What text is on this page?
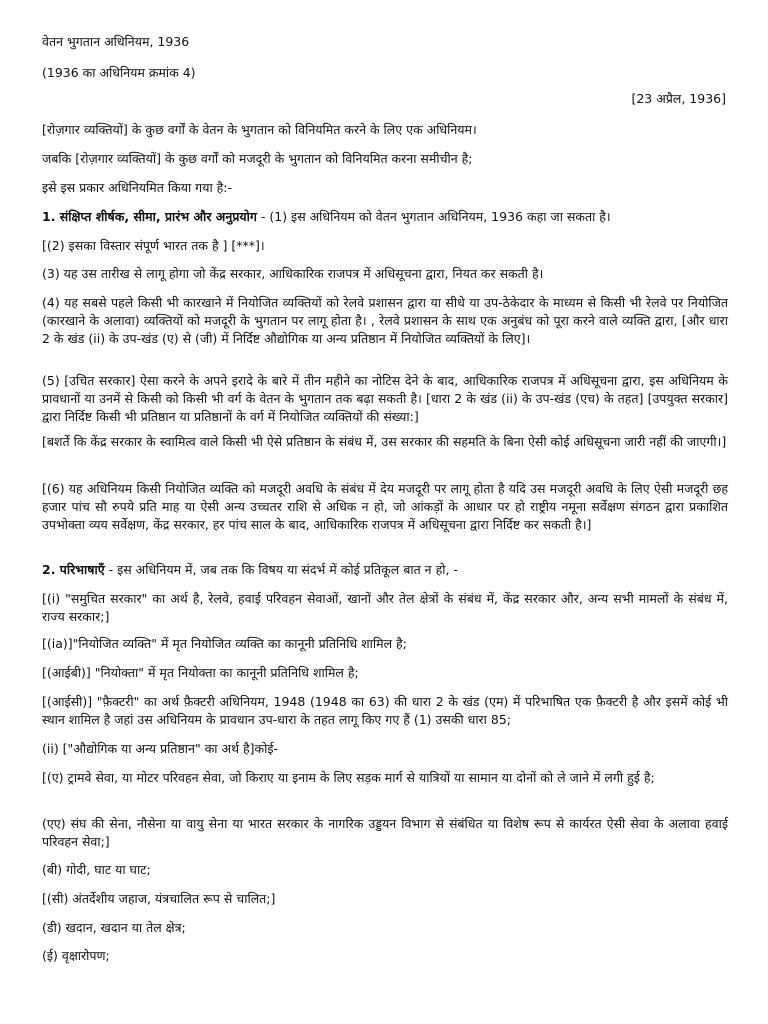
वेतन भुगतान अधिनियम, 1936
(1936 का अधिनियम क्रमांक 4)
[23 अप्रैल, 1936]
[रोज़गार व्यक्तियों] के कुछ वर्गों के वेतन के भुगतान को विनियमित करने के लिए एक अधिनियम।
जबकि [रोज़गार व्यक्तियों] के कुछ वर्गों को मजदूरी के भुगतान को विनियमित करना समीचीन है;
इसे इस प्रकार अधिनियमित किया गया है:-
1. संक्षिप्त शीर्षक, सीमा, प्रारंभ और अनुप्रयोग - (1) इस अधिनियम को वेतन भुगतान अधिनियम, 1936 कहा जा सकता है।
[(2) इसका विस्तार संपूर्ण भारत तक है ] [***]।
(3) यह उस तारीख से लागू होगा जो केंद्र सरकार, आधिकारिक राजपत्र में अधिसूचना द्वारा, नियत कर सकती है।
(4) यह सबसे पहले किसी भी कारखाने में नियोजित व्यक्तियों को रेलवे प्रशासन द्वारा या सीधे या उप-ठेकेदार के माध्यम से किसी भी रेलवे पर नियोजित (कारखाने के अलावा) व्यक्तियों को मजदूरी के भुगतान पर लागू होता है। , रेलवे प्रशासन के साथ एक अनुबंध को पूरा करने वाले व्यक्ति द्वारा, [और धारा 2 के खंड (ii) के उप-खंड (ए) से (जी) में निर्दिष्ट औद्योगिक या अन्य प्रतिष्ठान में नियोजित व्यक्तियों के लिए]।
(5) [उचित सरकार] ऐसा करने के अपने इरादे के बारे में तीन महीने का नोटिस देने के बाद, आधिकारिक राजपत्र में अधिसूचना द्वारा, इस अधिनियम के प्रावधानों या उनमें से किसी को किसी भी वर्ग के वेतन के भुगतान तक बढ़ा सकती है। [धारा 2 के खंड (ii) के उप-खंड (एच) के तहत] [उपयुक्त सरकार] द्वारा निर्दिष्ट किसी भी प्रतिष्ठान या प्रतिष्ठानों के वर्ग में नियोजित व्यक्तियों की संख्या:]
[बशर्ते कि केंद्र सरकार के स्वामित्व वाले किसी भी ऐसे प्रतिष्ठान के संबंध में, उस सरकार की सहमति के बिना ऐसी कोई अधिसूचना जारी नहीं की जाएगी।]
[(6) यह अधिनियम किसी नियोजित व्यक्ति को मजदूरी अवधि के संबंध में देय मजदूरी पर लागू होता है यदि उस मजदूरी अवधि के लिए ऐसी मजदूरी छह हजार पांच सौ रुपये प्रति माह या ऐसी अन्य उच्चतर राशि से अधिक न हो, जो आंकड़ों के आधार पर हो राष्ट्रीय नमूना सर्वेक्षण संगठन द्वारा प्रकाशित उपभोक्ता व्यय सर्वेक्षण, केंद्र सरकार, हर पांच साल के बाद, आधिकारिक राजपत्र में अधिसूचना द्वारा निर्दिष्ट कर सकती है।]
2. परिभाषाएँ - इस अधिनियम में, जब तक कि विषय या संदर्भ में कोई प्रतिकूल बात न हो, -
[(i) "समुचित सरकार" का अर्थ है, रेलवे, हवाई परिवहन सेवाओं, खानों और तेल क्षेत्रों के संबंध में, केंद्र सरकार और, अन्य सभी मामलों के संबंध में, राज्य सरकार;]
[(ia)]"नियोजित व्यक्ति" में मृत नियोजित व्यक्ति का कानूनी प्रतिनिधि शामिल है;
[(आईबी)] "नियोक्ता" में मृत नियोक्ता का कानूनी प्रतिनिधि शामिल है;
[(आईसी)] "फ़ैक्टरी" का अर्थ फ़ैक्टरी अधिनियम, 1948 (1948 का 63) की धारा 2 के खंड (एम) में परिभाषित एक फ़ैक्टरी है और इसमें कोई भी स्थान शामिल है जहां उस अधिनियम के प्रावधान उप-धारा के तहत लागू किए गए हैं (1) उसकी धारा 85;
(ii) ["औद्योगिक या अन्य प्रतिष्ठान" का अर्थ है]कोई-
[(ए) ट्रामवे सेवा, या मोटर परिवहन सेवा, जो किराए या इनाम के लिए सड़क मार्ग से यात्रियों या सामान या दोनों को ले जाने में लगी हुई है;
(एए) संघ की सेना, नौसेना या वायु सेना या भारत सरकार के नागरिक उड्डयन विभाग से संबंधित या विशेष रूप से कार्यरत ऐसी सेवा के अलावा हवाई परिवहन सेवा;]
(बी) गोदी, घाट या घाट;
[(सी) अंतर्देशीय जहाज, यंत्रचालित रूप से चालित;]
(डी) खदान, खदान या तेल क्षेत्र;
(ई) वृक्षारोपण;
